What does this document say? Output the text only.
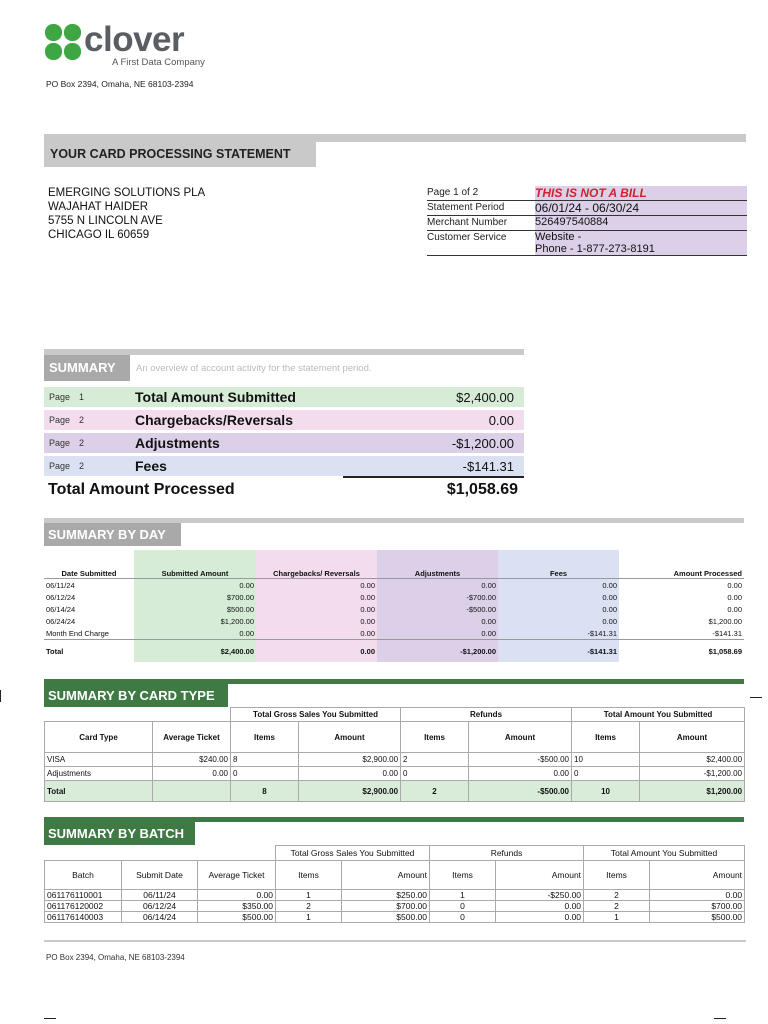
clover
A First Data Company
PO Box 2394, Omaha, NE 68103-2394
YOUR CARD PROCESSING STATEMENT
EMERGING SOLUTIONS PLA
WAJAHAT HAIDER
5755 N LINCOLN AVE
CHICAGO IL 60659
Page 1 of 2	THIS IS NOT A BILL
Statement Period	06/01/24 - 06/30/24
Merchant Number	526497540884
Customer Service	Website -
Phone - 1-877-273-8191
SUMMARY An overview of account activity for the statement period.
Page 1	Total Amount Submitted	$2,400.00
Page 2	Chargebacks/Reversals	0.00
Page 2	Adjustments	-$1,200.00
Page 2	Fees	-$141.31
Total Amount Processed	$1,058.69
SUMMARY BY DAY
Date Submitted	Submitted Amount	Chargebacks/ Reversals	Adjustments	Fees	Amount Processed
06/11/24	0.00	0.00	0.00	0.00	0.00
06/12/24	$700.00	0.00	-$700.00	0.00	0.00
06/14/24	$500.00	0.00	-$500.00	0.00	0.00
06/24/24	$1,200.00	0.00	0.00	0.00	$1,200.00
Month End Charge	0.00	0.00	0.00	-$141.31	-$141.31
Total	$2,400.00	0.00	-$1,200.00	-$141.31	$1,058.69
SUMMARY BY CARD TYPE
		Total Gross Sales You Submitted		Refunds		Total Amount You Submitted	
Card Type	Average Ticket	Items	Amount	Items	Amount	Items	Amount
VISA	$240.00	8	$2,900.00	2	-$500.00	10	$2,400.00
Adjustments	0.00	0	0.00	0	0.00	0	-$1,200.00
Total		8	$2,900.00	2	-$500.00	10	$1,200.00
SUMMARY BY BATCH
			Total Gross Sales You Submitted		Refunds		Total Amount You Submitted	
Batch	Submit Date	Average Ticket	Items	Amount	Items	Amount	Items	Amount
061176110001	06/11/24	0.00	1	$250.00	1	-$250.00	2	0.00
061176120002	06/12/24	$350.00	2	$700.00	0	0.00	2	$700.00
061176140003	06/14/24	$500.00	1	$500.00	0	0.00	1	$500.00
PO Box 2394, Omaha, NE 68103-2394
